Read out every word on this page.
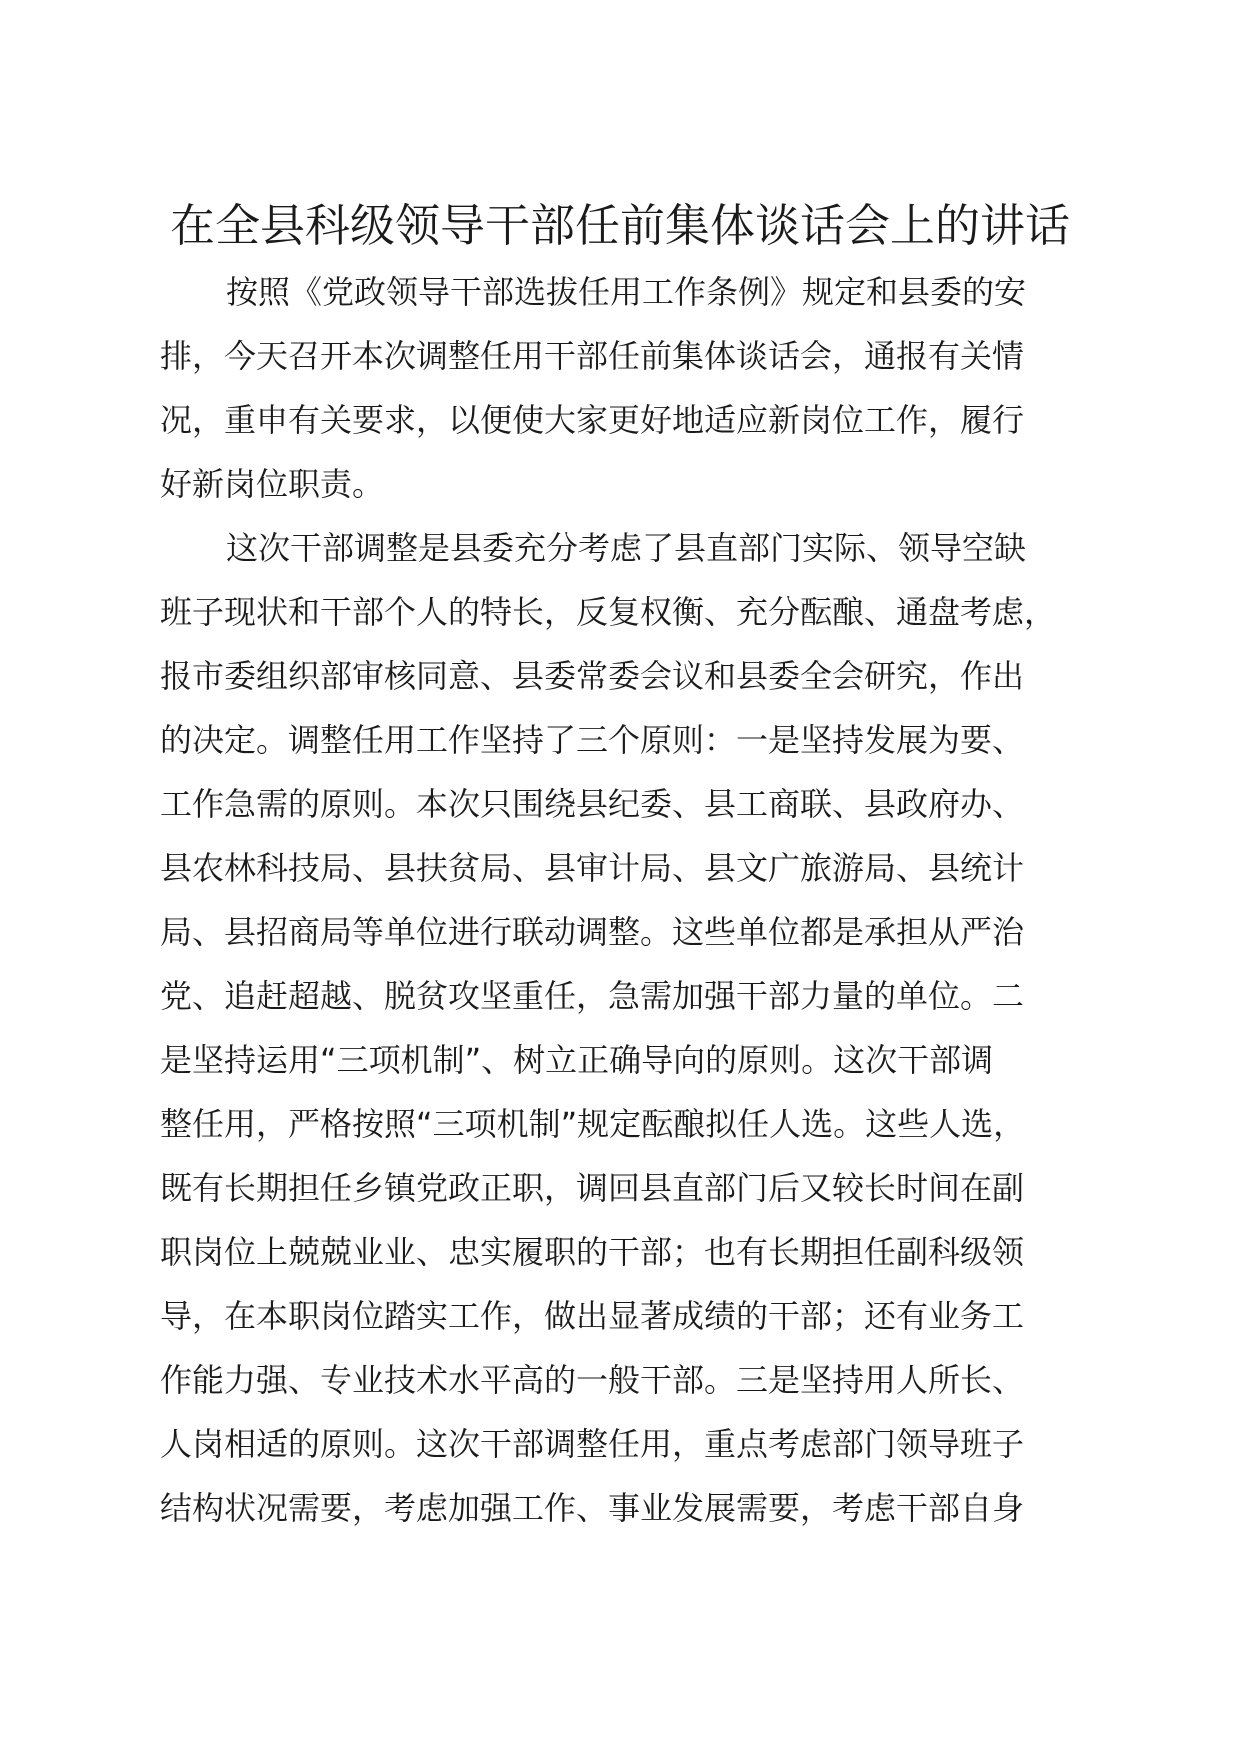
在全县科级领导干部任前集体谈话会上的讲话
按照《党政领导干部选拔任用工作条例》规定和县委的安
排，今天召开本次调整任用干部任前集体谈话会，通报有关情
况，重申有关要求，以便使大家更好地适应新岗位工作，履行
好新岗位职责。
这次干部调整是县委充分考虑了县直部门实际、领导空缺
班子现状和干部个人的特长，反复权衡、充分酝酿、通盘考虑，
报市委组织部审核同意、县委常委会议和县委全会研究，作出
的决定。调整任用工作坚持了三个原则：一是坚持发展为要、
工作急需的原则。本次只围绕县纪委、县工商联、县政府办、
县农林科技局、县扶贫局、县审计局、县文广旅游局、县统计
局、县招商局等单位进行联动调整。这些单位都是承担从严治
党、追赶超越、脱贫攻坚重任，急需加强干部力量的单位。二
是坚持运用“三项机制”、树立正确导向的原则。这次干部调
整任用，严格按照“三项机制”规定酝酿拟任人选。这些人选，
既有长期担任乡镇党政正职，调回县直部门后又较长时间在副
职岗位上兢兢业业、忠实履职的干部；也有长期担任副科级领
导，在本职岗位踏实工作，做出显著成绩的干部；还有业务工
作能力强、专业技术水平高的一般干部。三是坚持用人所长、
人岗相适的原则。这次干部调整任用，重点考虑部门领导班子
结构状况需要，考虑加强工作、事业发展需要，考虑干部自身
